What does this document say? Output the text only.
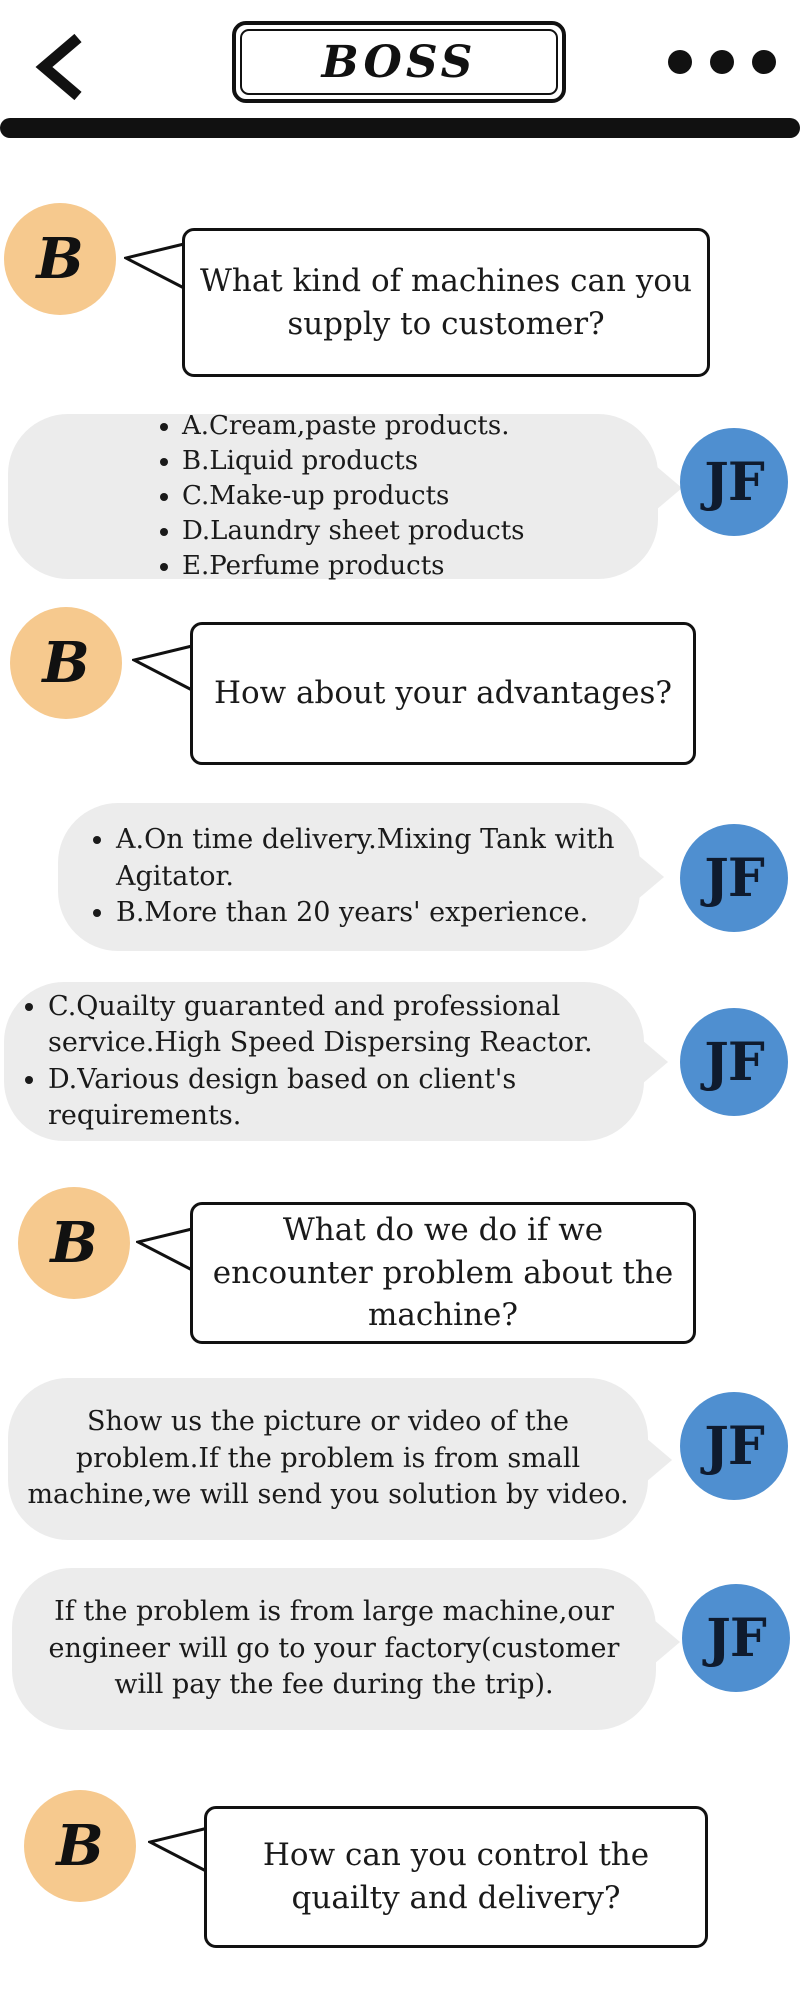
BOSS
B	What kind of machines can you supply to customer?
• A.Cream,paste products.
• B.Liquid products
• C.Make-up products
• D.Laundry sheet products
• E.Perfume products
JF
B	How about your advantages?
• A.On time delivery.Mixing Tank with Agitator.
• B.More than 20 years' experience.
JF
• C.Quailty guaranted and professional service.High Speed Dispersing Reactor.
• D.Various design based on client's requirements.
JF
B	What do we do if we encounter problem about the machine?
Show us the picture or video of the problem.If the problem is from small machine,we will send you solution by video.
JF
If the problem is from large machine,our engineer will go to your factory(customer will pay the fee during the trip).
JF
B	How can you control the quailty and delivery?
